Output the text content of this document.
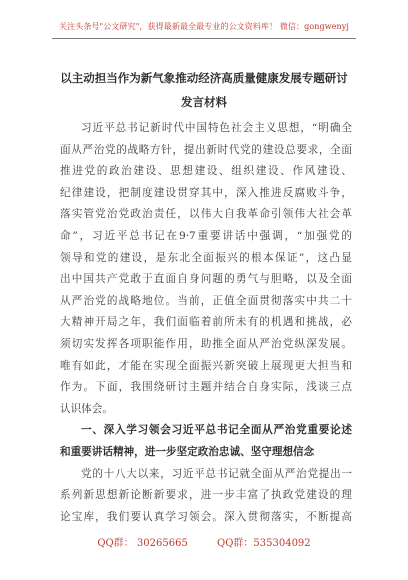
关注头条号"公文研究"，获得最新最全最专业的公文资料库！ 微信：gongwenyj
以主动担当作为新气象推动经济高质量健康发展专题研讨
发言材料
习近平总书记新时代中国特色社会主义思想，“明确全
面从严治党的战略方针，提出新时代党的建设总要求，全面
推进党的政治建设、思想建设、组织建设、作风建设、
纪律建设，把制度建设贯穿其中，深入推进反腐败斗争，
落实管党治党政治责任，以伟大自我革命引领伟大社会革
命”，习近平总书记在9·7重要讲话中强调，“加强党的
领导和党的建设，是东北全面振兴的根本保证”，这凸显
出中国共产党敢于直面自身问题的勇气与胆略，以及全面
从严治党的战略地位。当前，正值全面贯彻落实中共二十
大精神开局之年，我们面临着前所未有的机遇和挑战，必
须切实发挥各项职能作用，助推全面从严治党纵深发展。
唯有如此，才能在实现全面振兴新突破上展现更大担当和
作为。下面，我围绕研讨主题并结合自身实际，浅谈三点
认识体会。
一、深入学习领会习近平总书记全面从严治党重要论述
和重要讲话精神，进一步坚定政治忠诚、坚守理想信念
党的十八大以来，习近平总书记就全面从严治党提出一
系列新思想新论断新要求，进一步丰富了执政党建设的理
论宝库，我们要认真学习领会。深入贯彻落实，不断提高
QQ群： 30265665	QQ群：535304092
